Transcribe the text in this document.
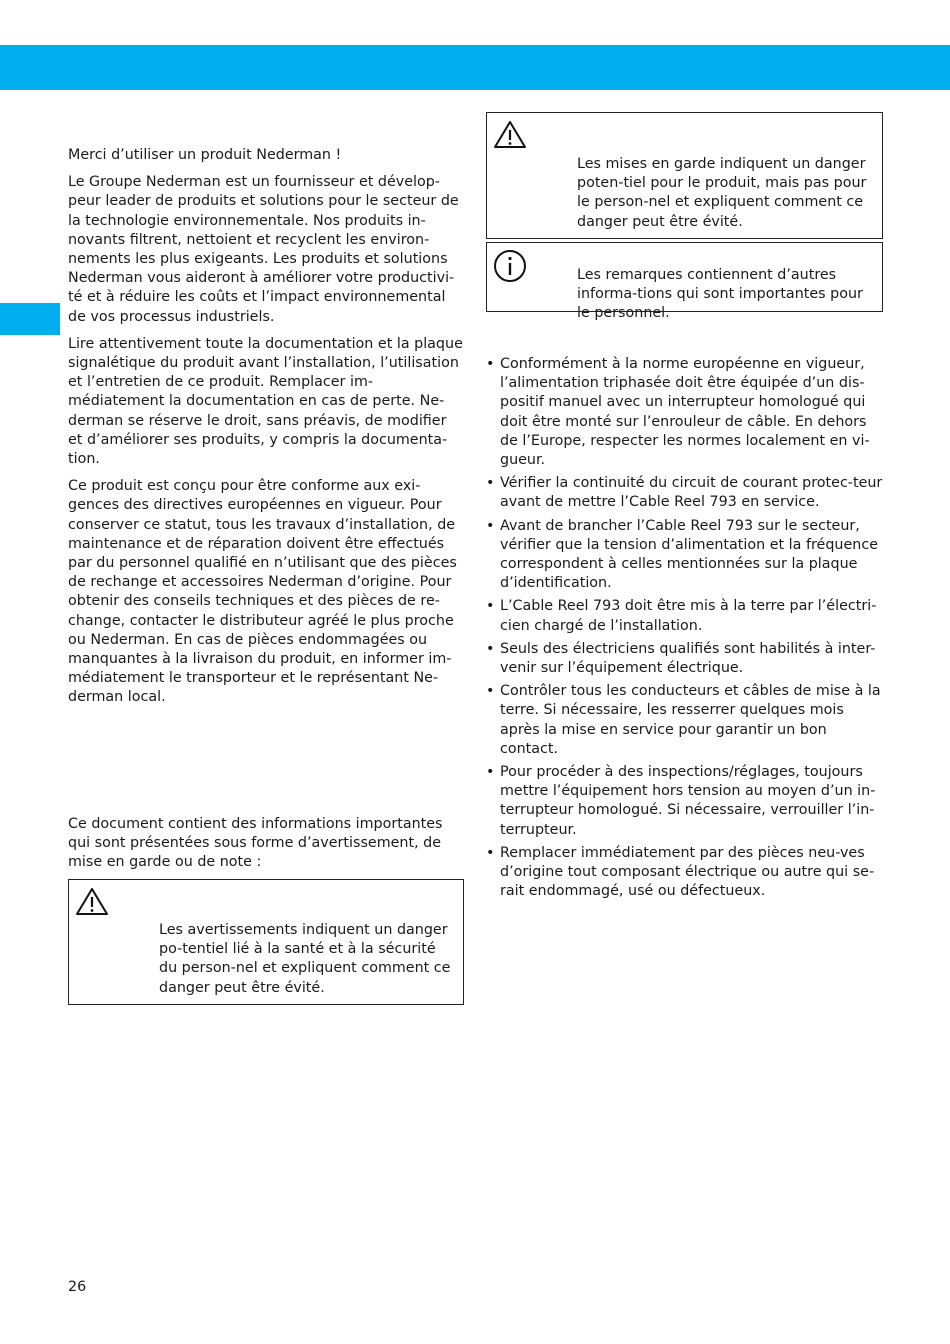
Merci d’utiliser un produit Nederman !

Le Groupe Nederman est un fournisseur et dévelop-peur leader de produits et solutions pour le secteur de la technologie environnementale. Nos produits in-novants filtrent, nettoient et recyclent les environ-nements les plus exigeants. Les produits et solutions Nederman vous aideront à améliorer votre productivi-té et à réduire les coûts et l’impact environnemental de vos processus industriels.

Lire attentivement toute la documentation et la plaque signalétique du produit avant l’installation, l’utilisation et l’entretien de ce produit. Remplacer im-médiatement la documentation en cas de perte. Ne-derman se réserve le droit, sans préavis, de modifier et d’améliorer ses produits, y compris la documenta-tion.

Ce produit est conçu pour être conforme aux exi-gences des directives européennes en vigueur. Pour conserver ce statut, tous les travaux d’installation, de maintenance et de réparation doivent être effectués par du personnel qualifié en n’utilisant que des pièces de rechange et accessoires Nederman d’origine. Pour obtenir des conseils techniques et des pièces de re-change, contacter le distributeur agréé le plus proche ou Nederman. En cas de pièces endommagées ou manquantes à la livraison du produit, en informer im-médiatement le transporteur et le représentant Ne-derman local.

Ce document contient des informations importantes qui sont présentées sous forme d’avertissement, de mise en garde ou de note :

Les avertissements indiquent un danger po-tentiel lié à la santé et à la sécurité du person-nel et expliquent comment ce danger peut être évité.
Les mises en garde indiquent un danger poten-tiel pour le produit, mais pas pour le person-nel et expliquent comment ce danger peut être évité.
Les remarques contiennent d’autres informa-tions qui sont importantes pour le personnel.
• Conformément à la norme européenne en vigueur, l’alimentation triphasée doit être équipée d’un dis-positif manuel avec un interrupteur homologué qui doit être monté sur l’enrouleur de câble. En dehors de l’Europe, respecter les normes localement en vi-gueur.
• Vérifier la continuité du circuit de courant protec-teur avant de mettre l’Cable Reel 793 en service.
• Avant de brancher l’Cable Reel 793 sur le secteur, vérifier que la tension d’alimentation et la fréquence correspondent à celles mentionnées sur la plaque d’identification.
• L’Cable Reel 793 doit être mis à la terre par l’électri-cien chargé de l’installation.
• Seuls des électriciens qualifiés sont habilités à inter-venir sur l’équipement électrique.
• Contrôler tous les conducteurs et câbles de mise à la terre. Si nécessaire, les resserrer quelques mois après la mise en service pour garantir un bon contact.
• Pour procéder à des inspections/réglages, toujours mettre l’équipement hors tension au moyen d’un in-terrupteur homologué. Si nécessaire, verrouiller l’in-terrupteur.
• Remplacer immédiatement par des pièces neu-ves d’origine tout composant électrique ou autre qui se-rait endommagé, usé ou défectueux.
26
